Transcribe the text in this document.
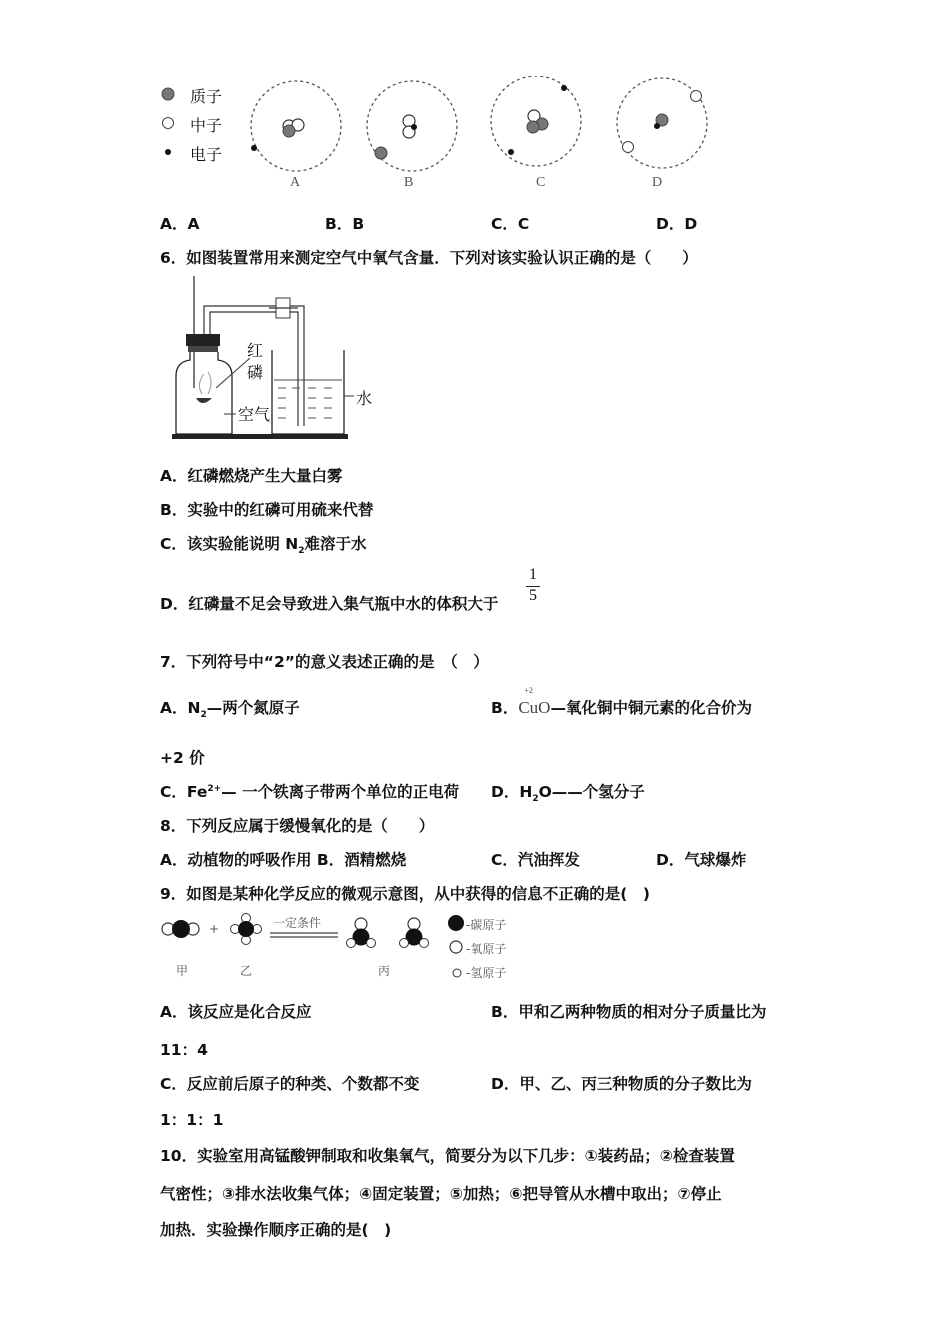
质子
中子
电子
A	B	C	D
A．A	B．B	C．C	D．D
6．如图装置常用来测定空气中氧气含量．下列对该实验认识正确的是（　　）
红
磷
空气
水
A．红磷燃烧产生大量白雾
B．实验中的红磷可用硫来代替
C．该实验能说明 $N_2$难溶于水
D．红磷量不足会导致进入集气瓶中水的体积大于
1
5
7．下列符号中“2”的意义表述正确的是　（　）
A．$N_2—$两个氮原子	B．
+2
CuO—氧化铜中铜元素的化合价为
+2 价
C．$Fe^{2+}—$ 一个铁离子带两个单位的正电荷 D．$H_2O——$个氢分子
8．下列反应属于缓慢氧化的是（　　）
A．动植物的呼吸作用 B．酒精燃烧	C．汽油挥发	D．气球爆炸
9．如图是某种化学反应的微观示意图，从中获得的信息不正确的是(　)
+	一定条件
甲	乙	丙
-碳原子
-氧原子
-氢原子
A．该反应是化合反应	B．甲和乙两种物质的相对分子质量比为
11：4
C．反应前后原子的种类、个数都不变	D．甲、乙、丙三种物质的分子数比为
1：1：1
10．实验室用高锰酸钾制取和收集氧气，简要分为以下几步：①装药品；②检查装置
气密性；③排水法收集气体；④固定装置；⑤加热；⑥把导管从水槽中取出；⑦停止
加热．实验操作顺序正确的是(　)
